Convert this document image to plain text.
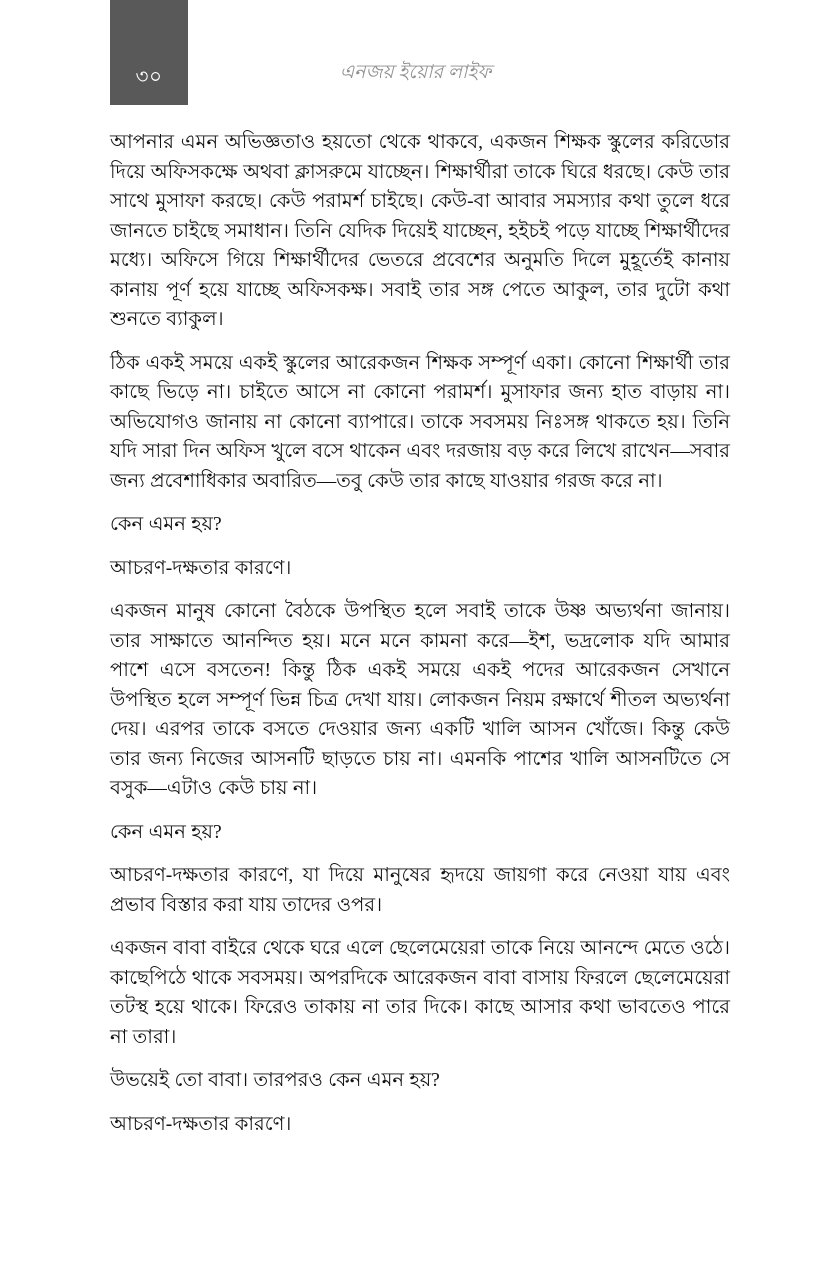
৩০	এনজয় ইয়োর লাইফ

আপনার এমন অভিজ্ঞতাও হয়তো থেকে থাকবে, একজন শিক্ষক স্কুলের করিডোর দিয়ে অফিসকক্ষে অথবা ক্লাসরুমে যাচ্ছেন। শিক্ষার্থীরা তাকে ঘিরে ধরছে। কেউ তার সাথে মুসাফা করছে। কেউ পরামর্শ চাইছে। কেউ-বা আবার সমস্যার কথা তুলে ধরে জানতে চাইছে সমাধান। তিনি যেদিক দিয়েই যাচ্ছেন, হইচই পড়ে যাচ্ছে শিক্ষার্থীদের মধ্যে। অফিসে গিয়ে শিক্ষার্থীদের ভেতরে প্রবেশের অনুমতি দিলে মুহূর্তেই কানায় কানায় পূর্ণ হয়ে যাচ্ছে অফিসকক্ষ। সবাই তার সঙ্গ পেতে আকুল, তার দুটো কথা শুনতে ব্যাকুল।

ঠিক একই সময়ে একই স্কুলের আরেকজন শিক্ষক সম্পূর্ণ একা। কোনো শিক্ষার্থী তার কাছে ভিড়ে না। চাইতে আসে না কোনো পরামর্শ। মুসাফার জন্য হাত বাড়ায় না। অভিযোগও জানায় না কোনো ব্যাপারে। তাকে সবসময় নিঃসঙ্গ থাকতে হয়। তিনি যদি সারা দিন অফিস খুলে বসে থাকেন এবং দরজায় বড় করে লিখে রাখেন—সবার জন্য প্রবেশাধিকার অবারিত—তবু কেউ তার কাছে যাওয়ার গরজ করে না।

কেন এমন হয়?

আচরণ-দক্ষতার কারণে।

একজন মানুষ কোনো বৈঠকে উপস্থিত হলে সবাই তাকে উষ্ণ অভ্যর্থনা জানায়। তার সাক্ষাতে আনন্দিত হয়। মনে মনে কামনা করে—ইশ, ভদ্রলোক যদি আমার পাশে এসে বসতেন! কিন্তু ঠিক একই সময়ে একই পদের আরেকজন সেখানে উপস্থিত হলে সম্পূর্ণ ভিন্ন চিত্র দেখা যায়। লোকজন নিয়ম রক্ষার্থে শীতল অভ্যর্থনা দেয়। এরপর তাকে বসতে দেওয়ার জন্য একটি খালি আসন খোঁজে। কিন্তু কেউ তার জন্য নিজের আসনটি ছাড়তে চায় না। এমনকি পাশের খালি আসনটিতে সে বসুক—এটাও কেউ চায় না।

কেন এমন হয়?

আচরণ-দক্ষতার কারণে, যা দিয়ে মানুষের হৃদয়ে জায়গা করে নেওয়া যায় এবং প্রভাব বিস্তার করা যায় তাদের ওপর।

একজন বাবা বাইরে থেকে ঘরে এলে ছেলেমেয়েরা তাকে নিয়ে আনন্দে মেতে ওঠে। কাছেপিঠে থাকে সবসময়। অপরদিকে আরেকজন বাবা বাসায় ফিরলে ছেলেমেয়েরা তটস্থ হয়ে থাকে। ফিরেও তাকায় না তার দিকে। কাছে আসার কথা ভাবতেও পারে না তারা।

উভয়েই তো বাবা। তারপরও কেন এমন হয়?

আচরণ-দক্ষতার কারণে।
